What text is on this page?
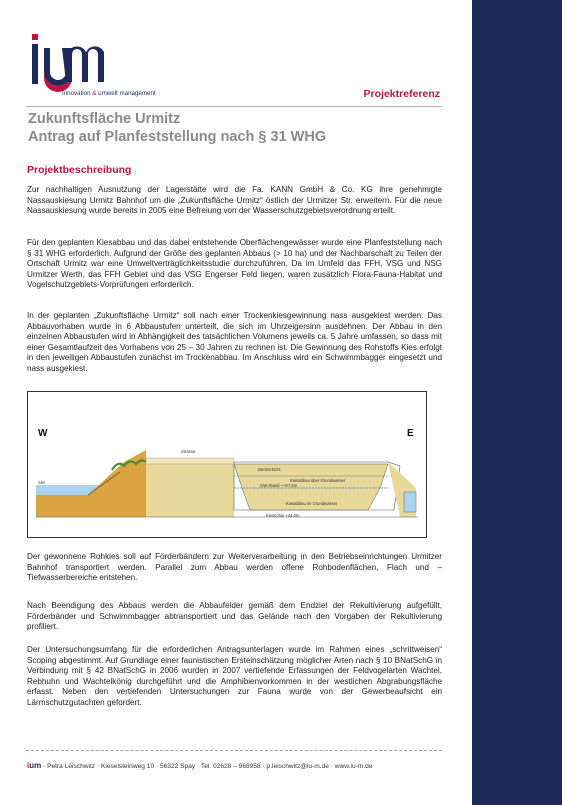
Innovation & umwelt management	Projektreferenz
Zukunftsfläche Urmitz
Antrag auf Planfeststellung nach § 31 WHG
Projektbeschreibung

Zur nachhaltigen Ausnutzung der Lagerstätte wird die Fa. KANN GmbH & Co. KG ihre genehmigte Nassauskiesung Urmitz Bahnhof um die „Zukunftsfläche Urmitz“ östlich der Urmitzer Str. erweitern. Für die neue Nassauskiesung wurde bereits in 2005 eine Befreiung von der Wasserschutzgebietsverordnung erteilt.

Für den geplanten Kiesabbau und das dabei entstehende Oberflächengewässer wurde eine Planfeststellung nach § 31 WHG erforderlich. Aufgrund der Größe des geplanten Abbaus (> 10 ha) und der Nachbarschaft zu Teilen der Ortschaft Urmitz war eine Umweltverträglichkeitsstudie durchzuführen. Da im Umfeld das FFH, VSG und NSG Urmitzer Werth, das FFH Gebiet und das VSG Engerser Feld liegen, waren zusätzlich Flora-Fauna-Habitat und Vogelschutzgebiets-Vorprüfungen erforderlich.

In der geplanten „Zukunftsfläche Urmitz“ soll nach einer Trockenkiesgewinnung nass ausgekiest werden. Das Abbauvorhaben wurde in 6 Abbaustufen unterteilt, die sich im Uhrzeigersinn ausdehnen. Der Abbau in den einzelnen Abbaustufen wird in Abhängigkeit des tatsächlichen Volumens jeweils ca. 5 Jahre umfassen, so dass mit einer Gesamtlaufzeit des Vorhabens von 25 – 30 Jahren zu rechnen ist. Die Gewinnung des Rohstoffs Kies erfolgt in den jeweiligen Abbaustufen zunächst im Trockenabbau. Im Anschluss wird ein Schwimmbagger eingesetzt und nass ausgekiest.

W	E
Strasse
See
Deckschicht
Kiesabbau über Grundwasser
GW-Stand ~+57,5m
Kiesabbau im Grundwasser
Kiessohle +44,0m

Der gewonnene Rohkies soll auf Förderbändern zur Weiterverarbeitung in den Betriebseinrichtungen Urmitzer Bahnhof transportiert werden. Parallel zum Abbau werden offene Rohbodenflächen, Flach und – Tiefwasserbereiche entstehen.

Nach Beendigung des Abbaus werden die Abbaufelder gemäß dem Endziel der Rekultivierung aufgefüllt, Förderbänder und Schwimmbagger abtransportiert und das Gelände nach den Vorgaben der Rekultivierung profiliert.

Der Untersuchungsumfang für die erforderlichen Antragsunterlagen wurde im Rahmen eines „schrittweisen“ Scoping abgestimmt. Auf Grundlage einer faunistischen Ersteinschätzung möglicher Arten nach § 10 BNatSchG in Verbindung mit § 42 BNatSchG in 2006 wurden in 2007 vertiefende Erfassungen der Feldvogelarten Wachtel, Rebhuhn und Wachtelkönig durchgeführt und die Amphibienvorkommen in der westlichen Abgrabungsfläche erfasst. Neben den vertiefenden Untersuchungen zur Fauna wurde von der Gewerbeaufsicht ein Lärmschutzgutachten gefordert.

ium · Petra Leischwitz · Kieselsteinweg 10 · 56322 Spay · Tel. 02628 – 968958 · p.leischwitz@iu-m.de · www.iu-m.de
